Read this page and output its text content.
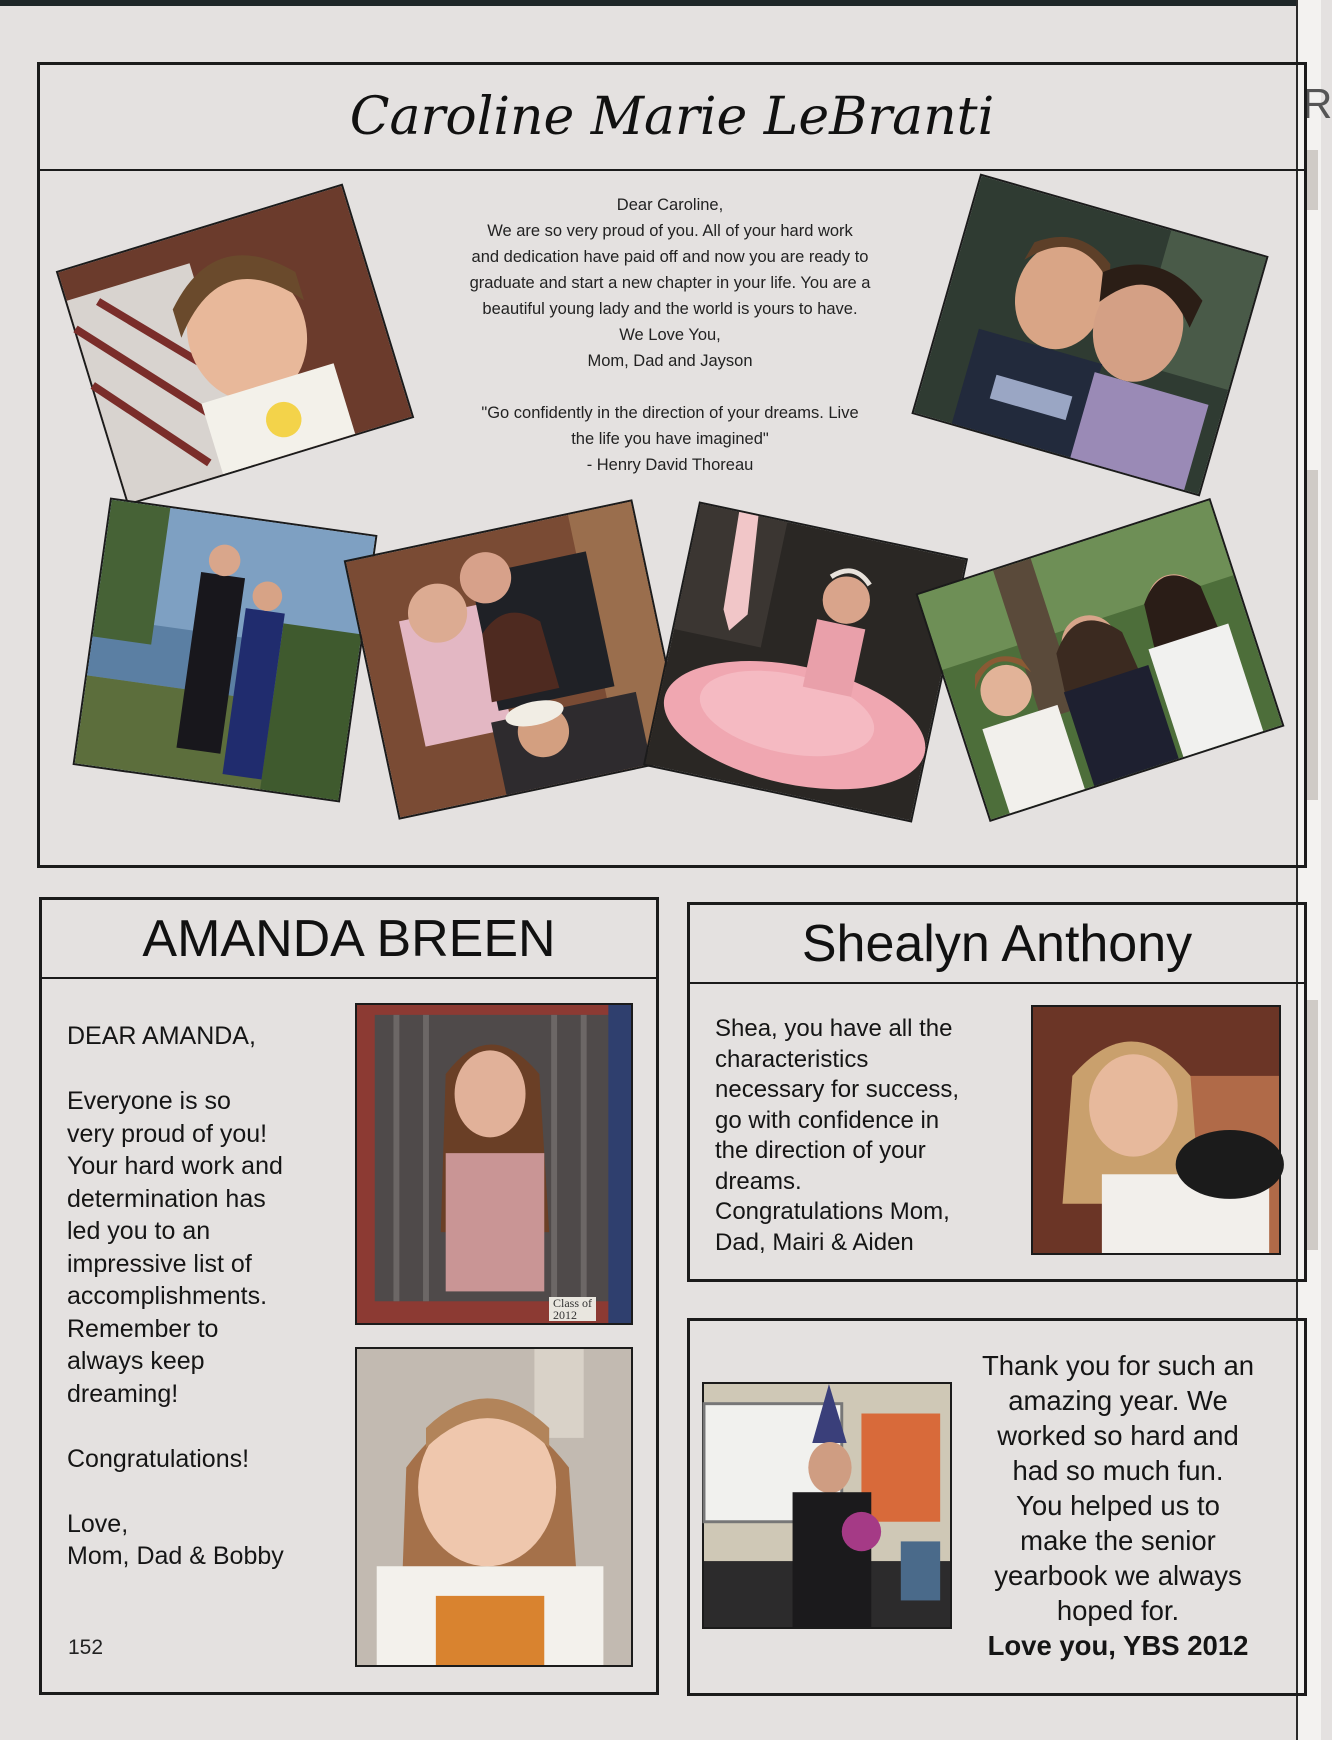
R
Caroline Marie LeBranti
Dear Caroline,
We are so very proud of you. All of your hard work
and dedication have paid off and now you are ready to
graduate and start a new chapter in your life. You are a
beautiful young lady and the world is yours to have.
We Love You,
Mom, Dad and Jayson
"Go confidently in the direction of your dreams. Live
the life you have imagined"
- Henry David Thoreau
AMANDA BREEN
DEAR AMANDA,
Everyone is so
very proud of you!
Your hard work and
determination has
led you to an
impressive list of
accomplishments.
Remember to
always keep
dreaming!
Congratulations!
Love,
Mom, Dad & Bobby
152
Class of
2012
Shealyn Anthony
Shea, you have all the
characteristics
necessary for success,
go with confidence in
the direction of your
dreams.
Congratulations Mom,
Dad, Mairi & Aiden
Thank you for such an
amazing year. We
worked so hard and
had so much fun.
You helped us to
make the senior
yearbook we always
hoped for.
Love you, YBS 2012
